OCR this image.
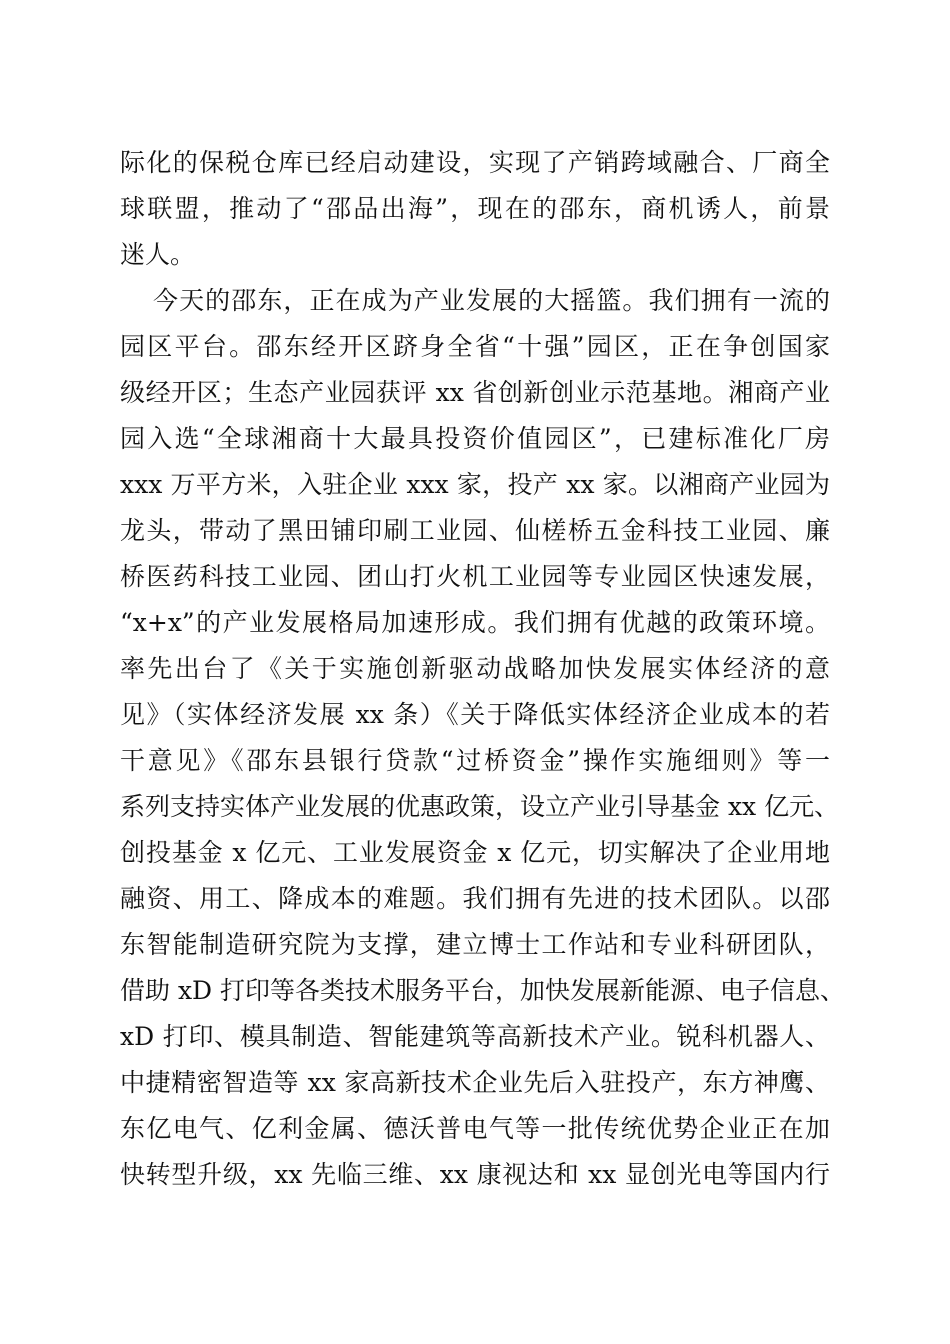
际化的保税仓库已经启动建设，实现了产销跨域融合、厂商全
球联盟，推动了“邵品出海”，现在的邵东，商机诱人，前景
迷人。
今天的邵东，正在成为产业发展的大摇篮。我们拥有一流的
园区平台。邵东经开区跻身全省“十强”园区，正在争创国家
级经开区；生态产业园获评 xx 省创新创业示范基地。湘商产业
园入选“全球湘商十大最具投资价值园区”，已建标准化厂房
xxx 万平方米，入驻企业 xxx 家，投产 xx 家。以湘商产业园为
龙头，带动了黑田铺印刷工业园、仙槎桥五金科技工业园、廉
桥医药科技工业园、团山打火机工业园等专业园区快速发展，
“x+x”的产业发展格局加速形成。我们拥有优越的政策环境。
率先出台了《关于实施创新驱动战略加快发展实体经济的意
见》（实体经济发展 xx 条）《关于降低实体经济企业成本的若
干意见》《邵东县银行贷款“过桥资金”操作实施细则》等一
系列支持实体产业发展的优惠政策，设立产业引导基金 xx 亿元、
创投基金 x 亿元、工业发展资金 x 亿元，切实解决了企业用地
融资、用工、降成本的难题。我们拥有先进的技术团队。以邵
东智能制造研究院为支撑，建立博士工作站和专业科研团队，
借助 xD 打印等各类技术服务平台，加快发展新能源、电子信息、
xD 打印、模具制造、智能建筑等高新技术产业。锐科机器人、
中捷精密智造等 xx 家高新技术企业先后入驻投产，东方神鹰、
东亿电气、亿利金属、德沃普电气等一批传统优势企业正在加
快转型升级，xx 先临三维、xx 康视达和 xx 显创光电等国内行
